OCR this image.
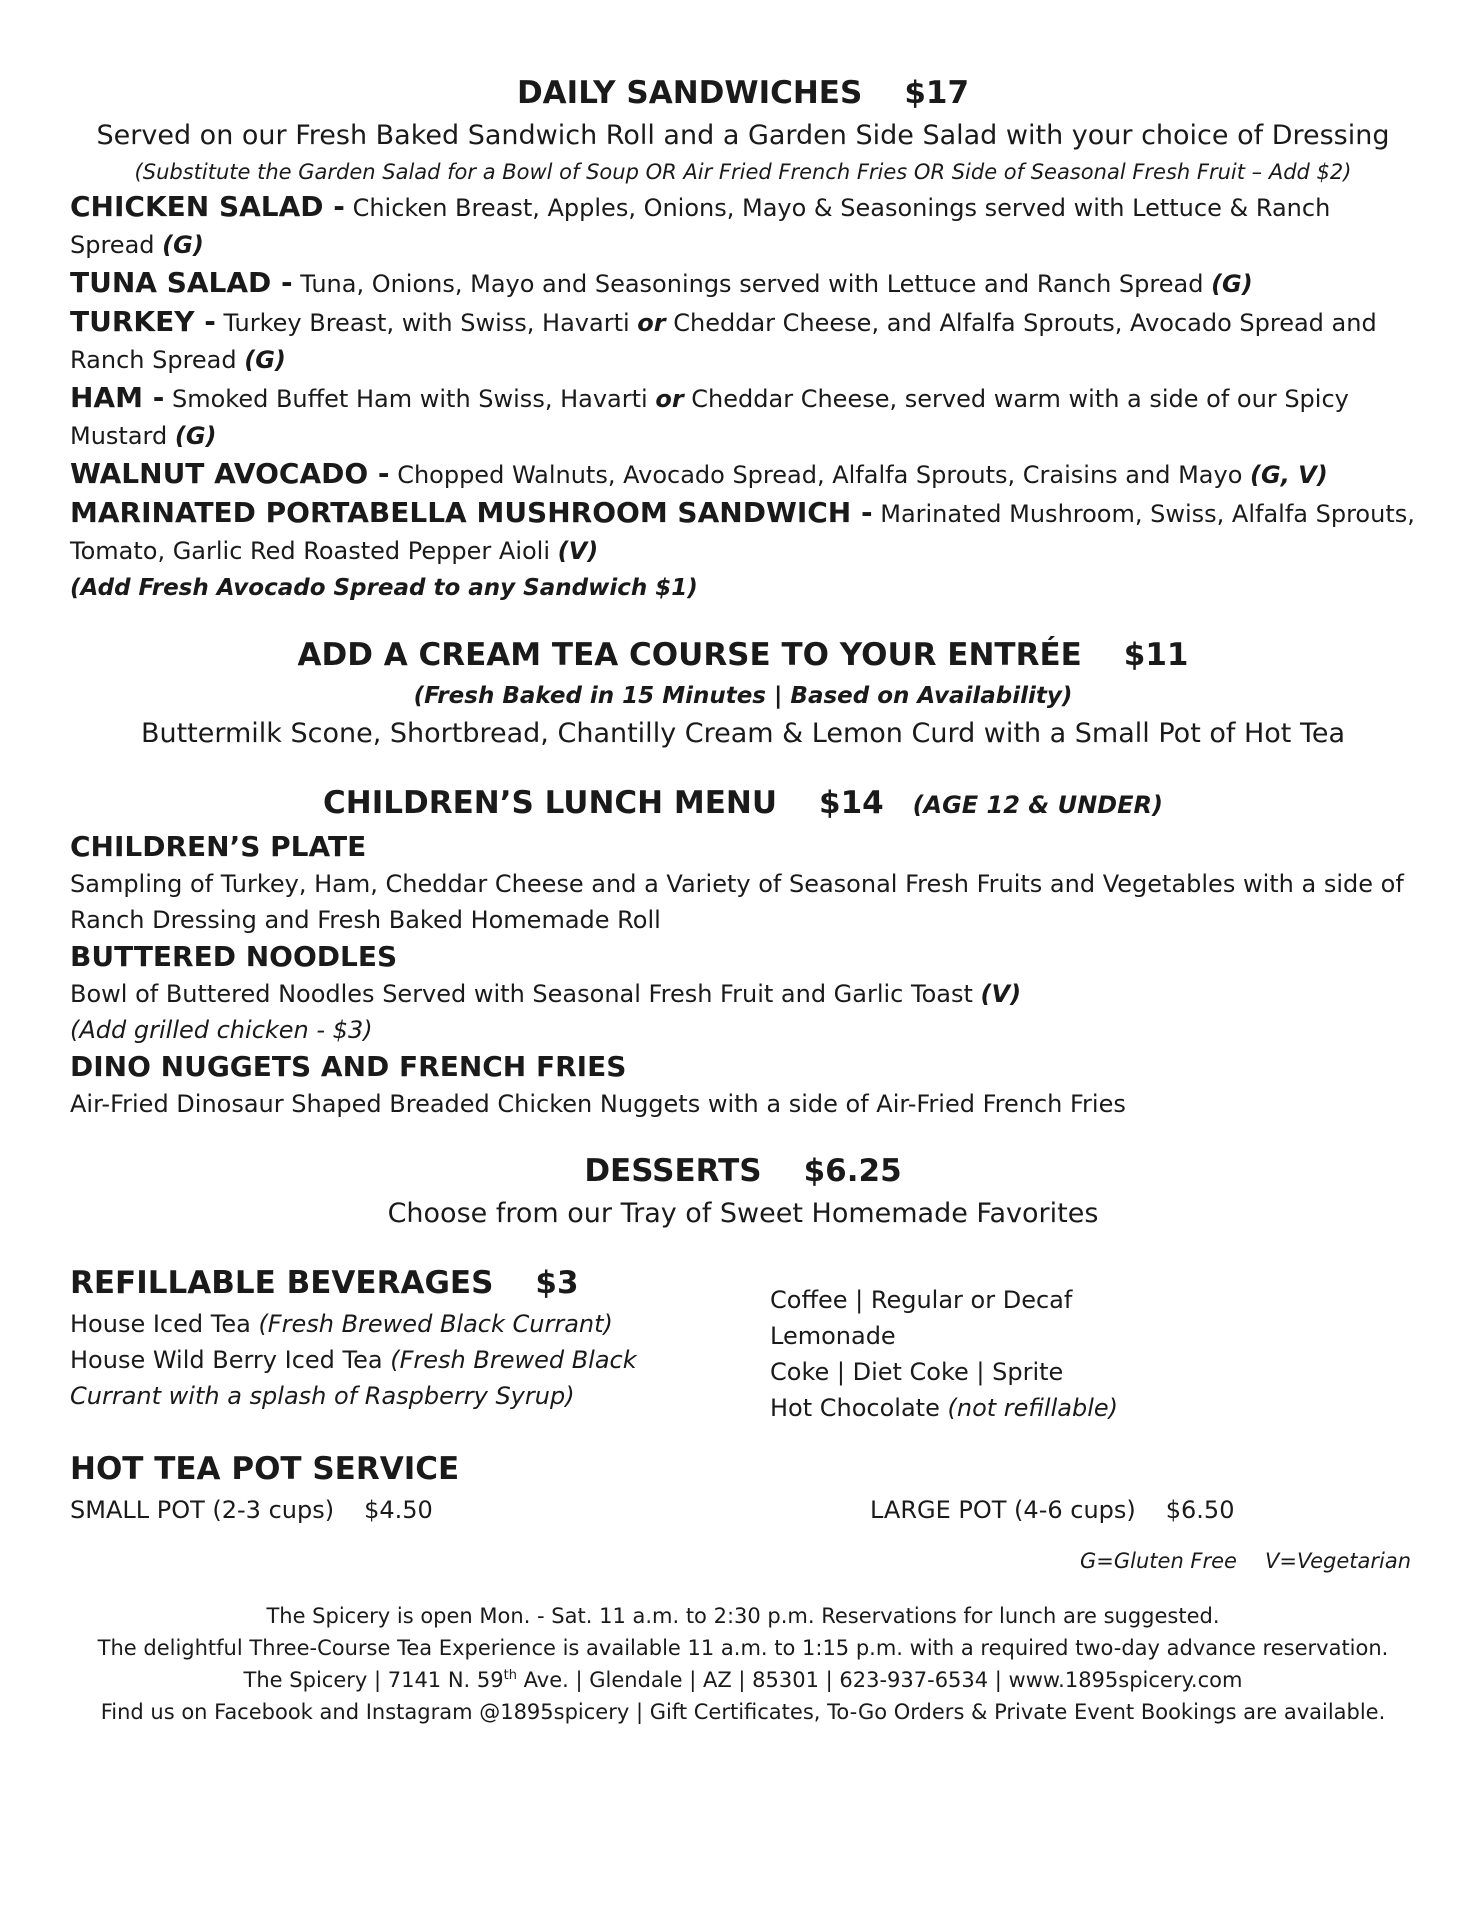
DAILY SANDWICHES $17
Served on our Fresh Baked Sandwich Roll and a Garden Side Salad with your choice of Dressing
(Substitute the Garden Salad for a Bowl of Soup OR Air Fried French Fries OR Side of Seasonal Fresh Fruit – Add $2)
CHICKEN SALAD - Chicken Breast, Apples, Onions, Mayo & Seasonings served with Lettuce & Ranch Spread (G)
TUNA SALAD - Tuna, Onions, Mayo and Seasonings served with Lettuce and Ranch Spread (G)
TURKEY - Turkey Breast, with Swiss, Havarti or Cheddar Cheese, and Alfalfa Sprouts, Avocado Spread and Ranch Spread (G)
HAM - Smoked Buffet Ham with Swiss, Havarti or Cheddar Cheese, served warm with a side of our Spicy Mustard (G)
WALNUT AVOCADO - Chopped Walnuts, Avocado Spread, Alfalfa Sprouts, Craisins and Mayo (G, V)
MARINATED PORTABELLA MUSHROOM SANDWICH - Marinated Mushroom, Swiss, Alfalfa Sprouts, Tomato, Garlic Red Roasted Pepper Aioli (V)
(Add Fresh Avocado Spread to any Sandwich $1)
ADD A CREAM TEA COURSE TO YOUR ENTRÉE $11
(Fresh Baked in 15 Minutes | Based on Availability)
Buttermilk Scone, Shortbread, Chantilly Cream & Lemon Curd with a Small Pot of Hot Tea
CHILDREN’S LUNCH MENU $14 (AGE 12 & UNDER)
CHILDREN’S PLATE
Sampling of Turkey, Ham, Cheddar Cheese and a Variety of Seasonal Fresh Fruits and Vegetables with a side of Ranch Dressing and Fresh Baked Homemade Roll
BUTTERED NOODLES
Bowl of Buttered Noodles Served with Seasonal Fresh Fruit and Garlic Toast (V)
(Add grilled chicken - $3)
DINO NUGGETS AND FRENCH FRIES
Air-Fried Dinosaur Shaped Breaded Chicken Nuggets with a side of Air-Fried French Fries
DESSERTS $6.25
Choose from our Tray of Sweet Homemade Favorites
REFILLABLE BEVERAGES $3
House Iced Tea (Fresh Brewed Black Currant)
House Wild Berry Iced Tea (Fresh Brewed Black Currant with a splash of Raspberry Syrup)
Coffee | Regular or Decaf
Lemonade
Coke | Diet Coke | Sprite
Hot Chocolate (not refillable)
HOT TEA POT SERVICE
SMALL POT (2-3 cups) $4.50	LARGE POT (4-6 cups) $6.50
G=Gluten Free V=Vegetarian
The Spicery is open Mon. - Sat. 11 a.m. to 2:30 p.m. Reservations for lunch are suggested.
The delightful Three-Course Tea Experience is available 11 a.m. to 1:15 p.m. with a required two-day advance reservation.
The Spicery | 7141 N. 59th Ave. | Glendale | AZ | 85301 | 623-937-6534 | www.1895spicery.com
Find us on Facebook and Instagram @1895spicery | Gift Certificates, To-Go Orders & Private Event Bookings are available.
